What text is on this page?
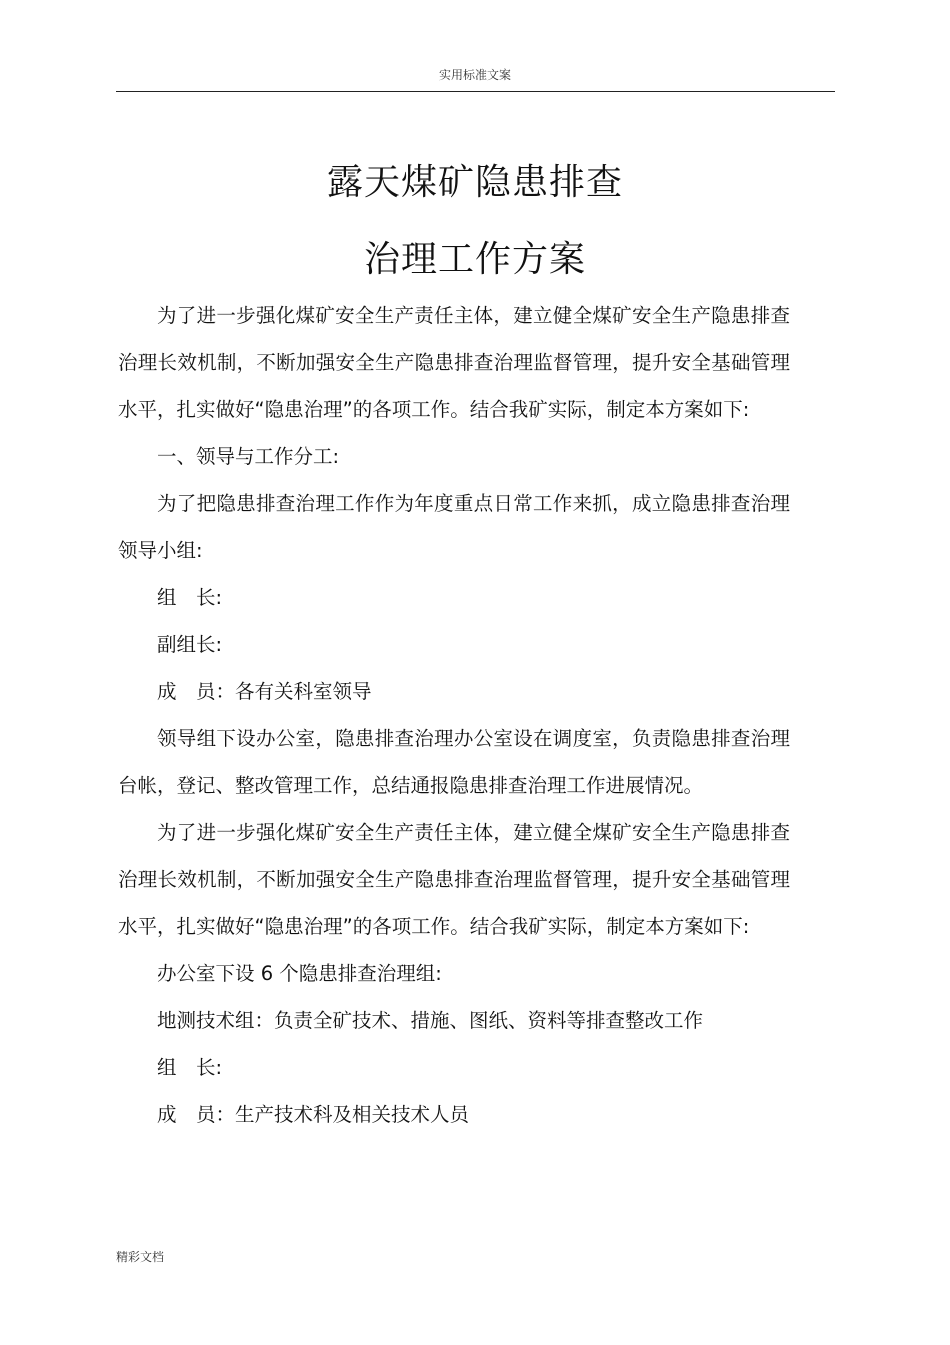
实用标准文案
露天煤矿隐患排查
治理工作方案

为了进一步强化煤矿安全生产责任主体，建立健全煤矿安全生产隐患排查治理长效机制，不断加强安全生产隐患排查治理监督管理，提升安全基础管理水平，扎实做好“隐患治理”的各项工作。结合我矿实际，制定本方案如下:

一、领导与工作分工:

为了把隐患排查治理工作作为年度重点日常工作来抓，成立隐患排查治理领导小组:

组　长:

副组长:

成　员：各有关科室领导

领导组下设办公室，隐患排查治理办公室设在调度室，负责隐患排查治理台帐，登记、整改管理工作，总结通报隐患排查治理工作进展情况。

为了进一步强化煤矿安全生产责任主体，建立健全煤矿安全生产隐患排查治理长效机制，不断加强安全生产隐患排查治理监督管理，提升安全基础管理水平，扎实做好“隐患治理”的各项工作。结合我矿实际，制定本方案如下:

办公室下设 6 个隐患排查治理组:

地测技术组：负责全矿技术、措施、图纸、资料等排查整改工作

组　长:

成　员：生产技术科及相关技术人员

精彩文档
